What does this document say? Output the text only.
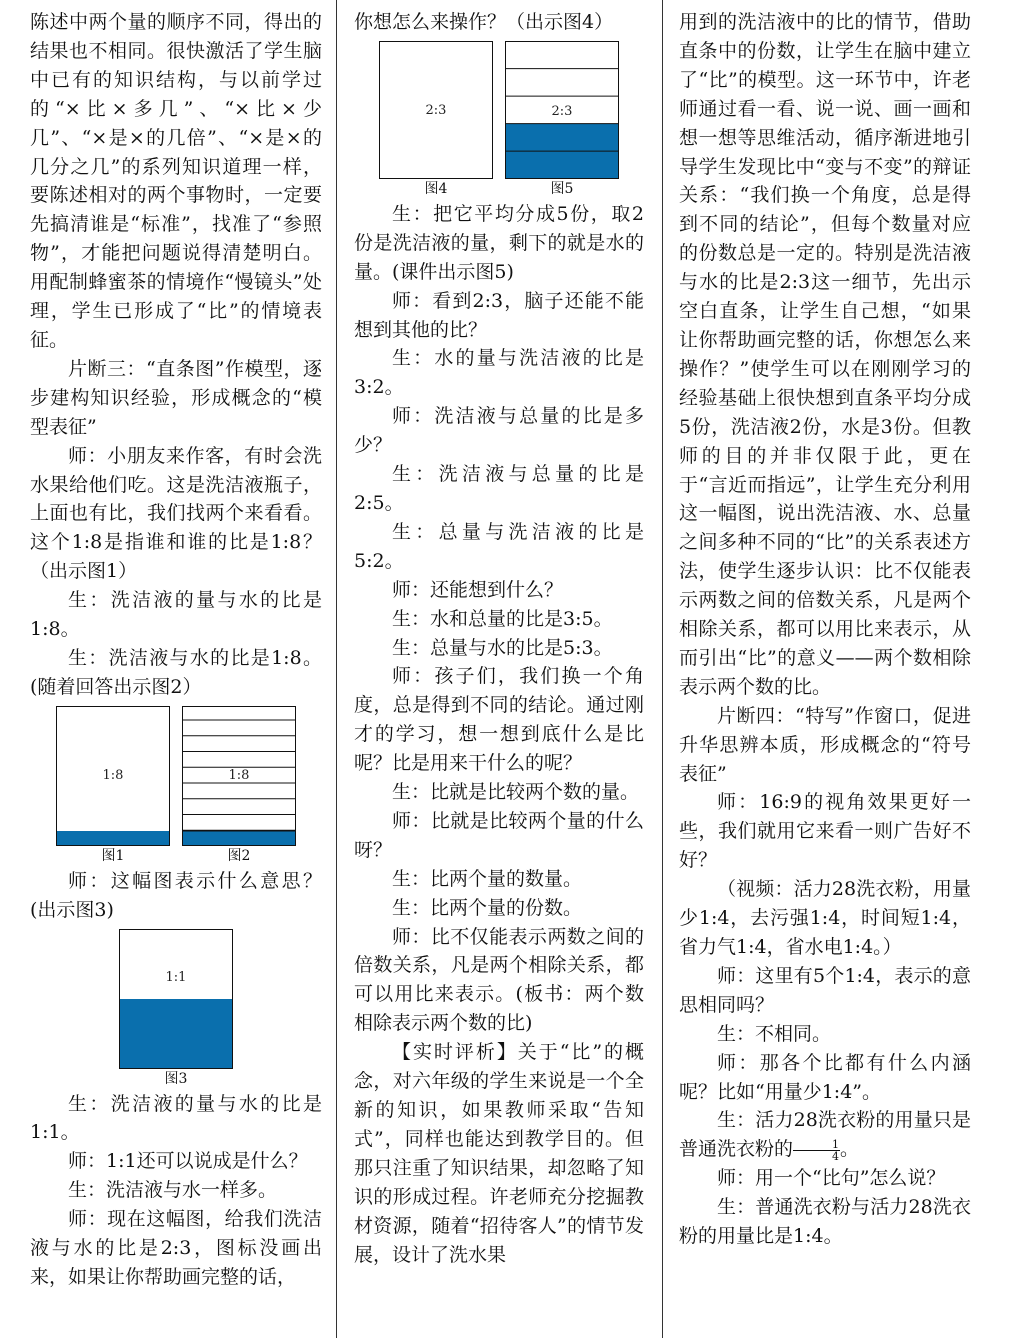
陈述中两个量的顺序不同，得出的结果也不相同。很快激活了学生脑中已有的知识结构，与以前学过的“×比×多几”、“×比×少几”、“×是×的几倍”、“×是×的几分之几”的系列知识道理一样，要陈述相对的两个事物时，一定要先搞清谁是“标准”，找准了“参照物”，才能把问题说得清楚明白。用配制蜂蜜茶的情境作“慢镜头”处理，学生已形成了“比”的情境表征。

片断三：“直条图”作模型，逐步建构知识经验，形成概念的“模型表征”

师：小朋友来作客，有时会洗水果给他们吃。这是洗洁液瓶子，上面也有比，我们找两个来看看。这个1:8是指谁和谁的比是1:8？（出示图1）

生：洗洁液的量与水的比是1:8。

生：洗洁液与水的比是1:8。(随着回答出示图2）

1:8
图1
1:8
图2

师：这幅图表示什么意思？(出示图3)

1:1
图3

生：洗洁液的量与水的比是1:1。

师：1:1还可以说成是什么？

生：洗洁液与水一样多。

师：现在这幅图，给我们洗洁液与水的比是2:3，图标没画出来，如果让你帮助画完整的话，

你想怎么来操作？（出示图4）

2:3
图4
2:3
图5

生：把它平均分成5份，取2份是洗洁液的量，剩下的就是水的量。(课件出示图5)

师：看到2:3，脑子还能不能想到其他的比？

生：水的量与洗洁液的比是3:2。

师：洗洁液与总量的比是多少？

生：洗洁液与总量的比是2:5。

生：总量与洗洁液的比是5:2。

师：还能想到什么？

生：水和总量的比是3:5。

生：总量与水的比是5:3。

师：孩子们，我们换一个角度，总是得到不同的结论。通过刚才的学习，想一想到底什么是比呢？比是用来干什么的呢？

生：比就是比较两个数的量。

师：比就是比较两个量的什么呀？

生：比两个量的数量。

生：比两个量的份数。

师：比不仅能表示两数之间的倍数关系，凡是两个相除关系，都可以用比来表示。(板书：两个数相除表示两个数的比)

【实时评析】关于“比”的概念，对六年级的学生来说是一个全新的知识，如果教师采取“告知式”，同样也能达到教学目的。但那只注重了知识结果，却忽略了知识的形成过程。许老师充分挖掘教材资源，随着“招待客人”的情节发展，设计了洗水果

用到的洗洁液中的比的情节，借助直条中的份数，让学生在脑中建立了“比”的模型。这一环节中，许老师通过看一看、说一说、画一画和想一想等思维活动，循序渐进地引导学生发现比中“变与不变”的辩证关系：“我们换一个角度，总是得到不同的结论”，但每个数量对应的份数总是一定的。特别是洗洁液与水的比是2:3这一细节，先出示空白直条，让学生自己想，“如果让你帮助画完整的话，你想怎么来操作？”使学生可以在刚刚学习的经验基础上很快想到直条平均分成5份，洗洁液2份，水是3份。但教师的目的并非仅限于此，更在于“言近而指远”，让学生充分利用这一幅图，说出洗洁液、水、总量之间多种不同的“比”的关系表述方法，使学生逐步认识：比不仅能表示两数之间的倍数关系，凡是两个相除关系，都可以用比来表示，从而引出“比”的意义——两个数相除表示两个数的比。

片断四：“特写”作窗口，促进升华思辨本质，形成概念的“符号表征”

师：16:9的视角效果更好一些，我们就用它来看一则广告好不好？

（视频：活力28洗衣粉，用量少1:4，去污强1:4，时间短1:4，省力气1:4，省水电1:4。）

师：这里有5个1:4，表示的意思相同吗？

生：不相同。

师：那各个比都有什么内涵呢？比如“用量少1:4”。

生：活力28洗衣粉的用量只是普通洗衣粉的 $\frac{1}{4}$ 。

师：用一个“比句”怎么说？

生：普通洗衣粉与活力28洗衣粉的用量比是1:4。
